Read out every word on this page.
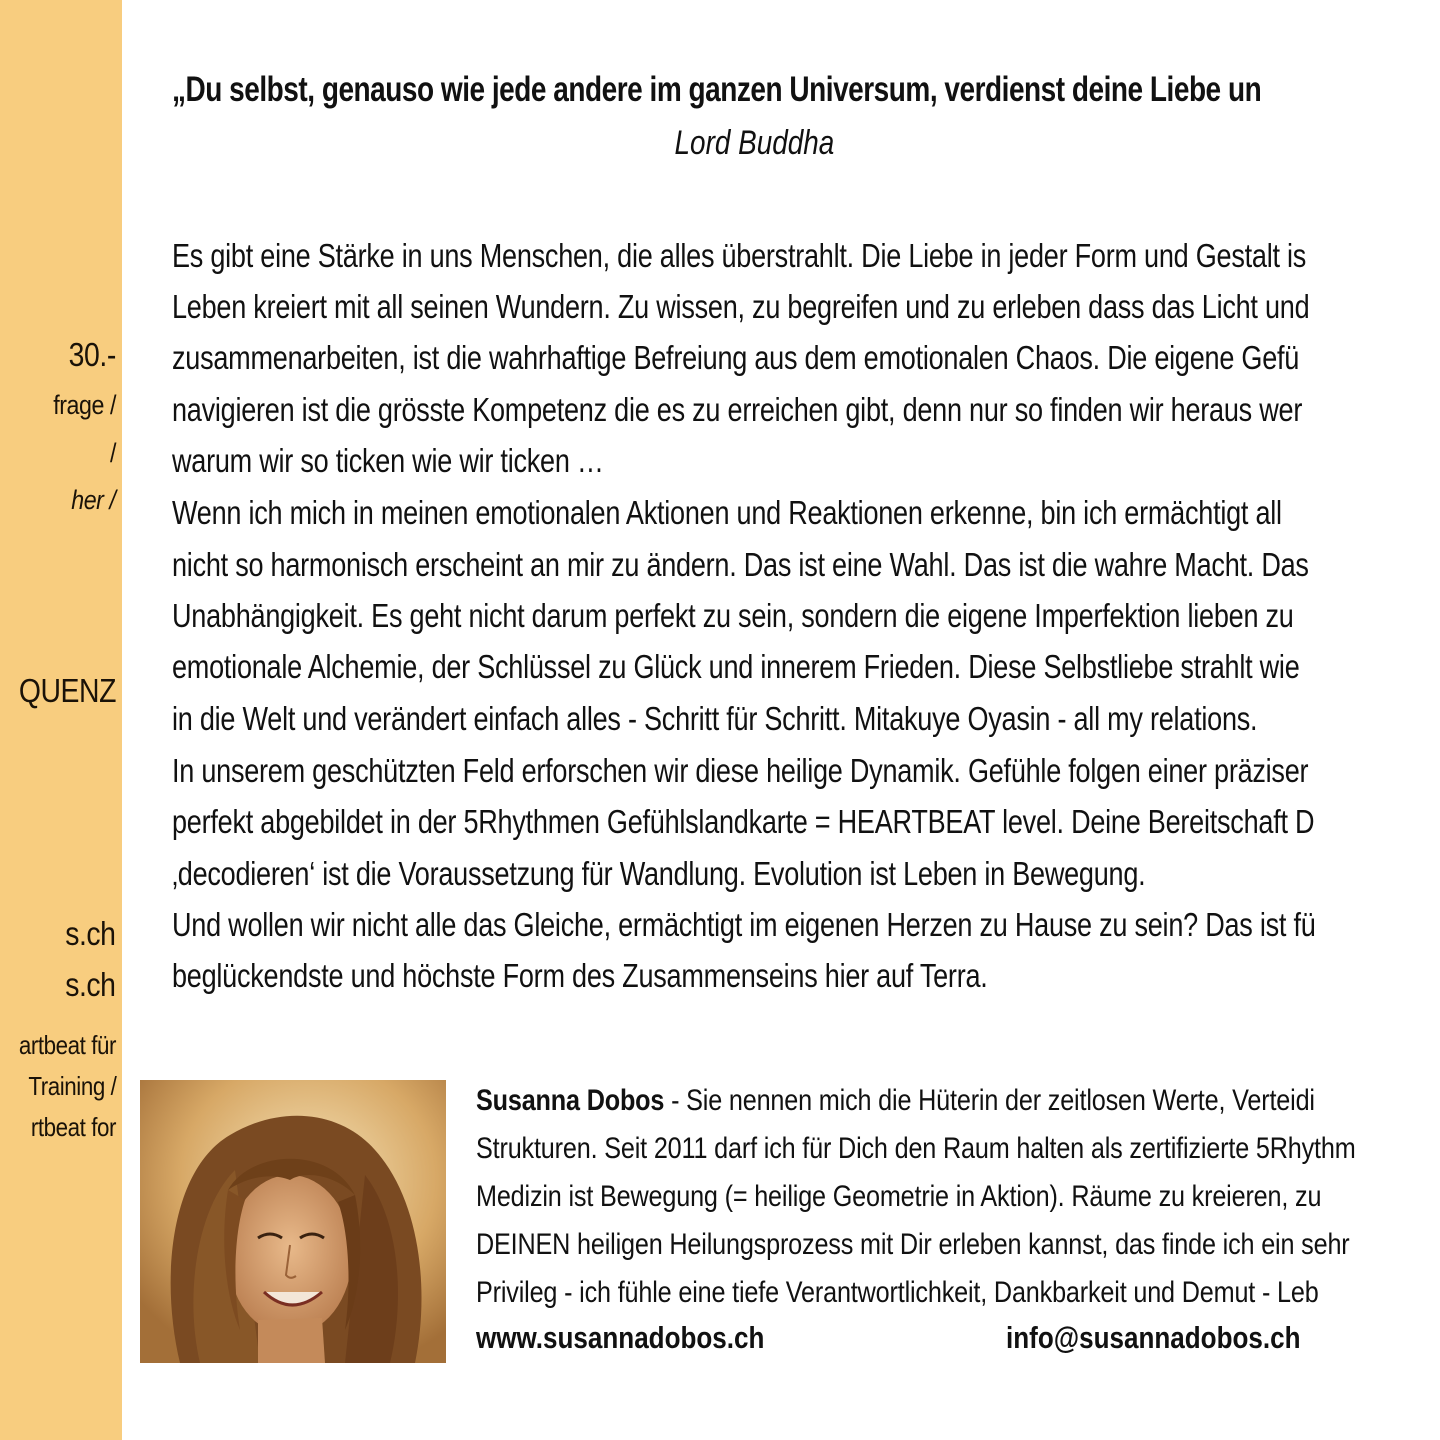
30.-
frage /
/
her /
QUENZ
s.ch
s.ch
artbeat für
Training /
rtbeat for
„Du selbst, genauso wie jede andere im ganzen Universum, verdienst deine Liebe un
Lord Buddha
Es gibt eine Stärke in uns Menschen, die alles überstrahlt. Die Liebe in jeder Form und Gestalt is
Leben kreiert mit all seinen Wundern. Zu wissen, zu begreifen und zu erleben dass das Licht und
zusammenarbeiten, ist die wahrhaftige Befreiung aus dem emotionalen Chaos. Die eigene Gefü
navigieren ist die grösste Kompetenz die es zu erreichen gibt, denn nur so finden wir heraus wer
warum wir so ticken wie wir ticken …
Wenn ich mich in meinen emotionalen Aktionen und Reaktionen erkenne, bin ich ermächtigt all
nicht so harmonisch erscheint an mir zu ändern. Das ist eine Wahl. Das ist die wahre Macht. Das
Unabhängigkeit. Es geht nicht darum perfekt zu sein, sondern die eigene Imperfektion lieben zu
emotionale Alchemie, der Schlüssel zu Glück und innerem Frieden. Diese Selbstliebe strahlt wie
in die Welt und verändert einfach alles - Schritt für Schritt. Mitakuye Oyasin - all my relations.
In unserem geschützten Feld erforschen wir diese heilige Dynamik. Gefühle folgen einer präziser
perfekt abgebildet in der 5Rhythmen Gefühlslandkarte = HEARTBEAT level. Deine Bereitschaft D
‚decodieren‘ ist die Voraussetzung für Wandlung. Evolution ist Leben in Bewegung.
Und wollen wir nicht alle das Gleiche, ermächtigt im eigenen Herzen zu Hause zu sein? Das ist fü
beglückendste und höchste Form des Zusammenseins hier auf Terra.
Susanna Dobos - Sie nennen mich die Hüterin der zeitlosen Werte, Verteidi
Strukturen. Seit 2011 darf ich für Dich den Raum halten als zertifizierte 5Rhythm
Medizin ist Bewegung (= heilige Geometrie in Aktion). Räume zu kreieren, zu
DEINEN heiligen Heilungsprozess mit Dir erleben kannst, das finde ich ein sehr
Privileg - ich fühle eine tiefe Verantwortlichkeit, Dankbarkeit und Demut - Leb
www.susannadobos.ch	info@susannadobos.ch
